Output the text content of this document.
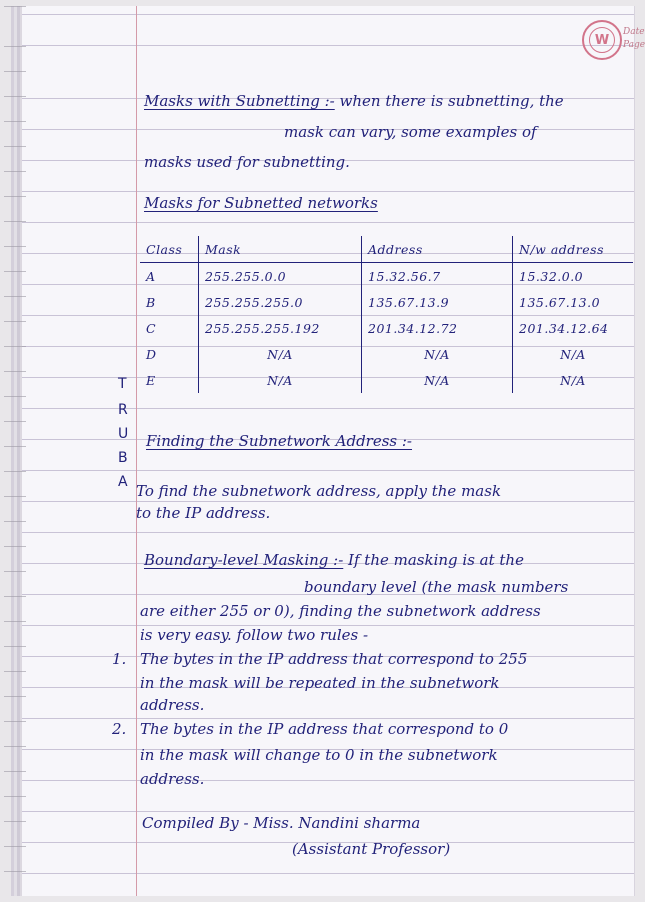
W
Date
Page
Masks with Subnetting :- when there is subnetting, the
mask can vary, some examples of
masks used for subnetting.
Masks for Subnetted networks
Class	Mask	Address	N/w address
A	255.255.0.0	15.32.56.7	15.32.0.0
B	255.255.255.0	135.67.13.9	135.67.13.0
C	255.255.255.192	201.34.12.72	201.34.12.64
D	N/A	N/A	N/A
E	N/A	N/A	N/A
T
R
U
B
A
Finding the Subnetwork Address :-
To find the subnetwork address, apply the mask
to the IP address.
Boundary-level Masking :- If the masking is at the
boundary level (the mask numbers
are either 255 or 0), finding the subnetwork address
is very easy. follow two rules -
1. The bytes in the IP address that correspond to 255
in the mask will be repeated in the subnetwork
address.
2. The bytes in the IP address that correspond to 0
in the mask will change to 0 in the subnetwork
address.
Compiled By - Miss. Nandini sharma
(Assistant Professor)
